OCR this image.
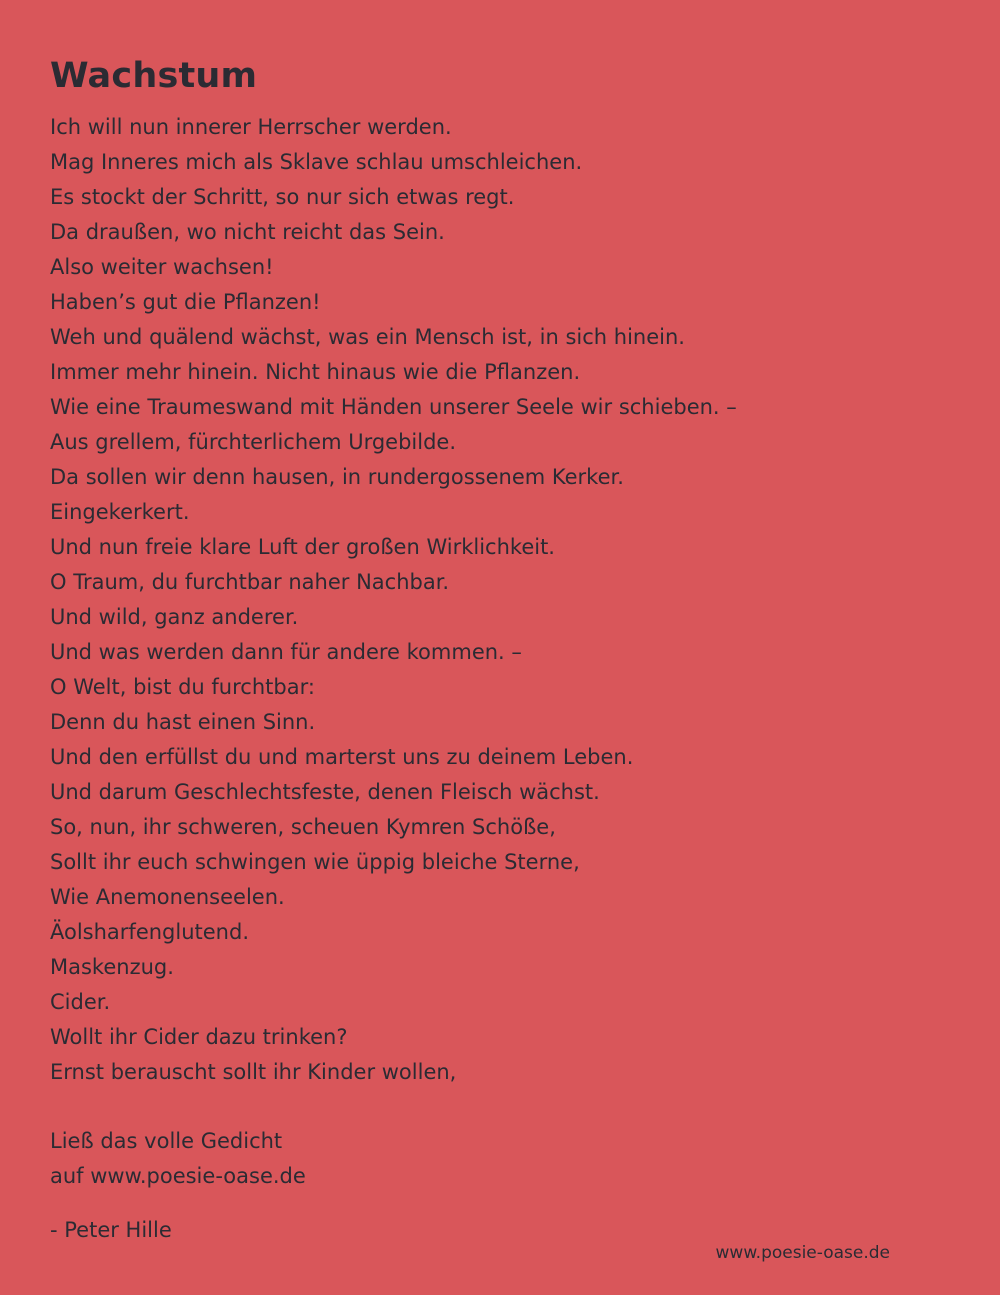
Wachstum
Ich will nun innerer Herrscher werden.
Mag Inneres mich als Sklave schlau umschleichen.
Es stockt der Schritt, so nur sich etwas regt.
Da draußen, wo nicht reicht das Sein.
Also weiter wachsen!
Haben’s gut die Pflanzen!
Weh und quälend wächst, was ein Mensch ist, in sich hinein.
Immer mehr hinein. Nicht hinaus wie die Pflanzen.
Wie eine Traumeswand mit Händen unserer Seele wir schieben. –
Aus grellem, fürchterlichem Urgebilde.
Da sollen wir denn hausen, in rundergossenem Kerker.
Eingekerkert.
Und nun freie klare Luft der großen Wirklichkeit.
O Traum, du furchtbar naher Nachbar.
Und wild, ganz anderer.
Und was werden dann für andere kommen. –
O Welt, bist du furchtbar:
Denn du hast einen Sinn.
Und den erfüllst du und marterst uns zu deinem Leben.
Und darum Geschlechtsfeste, denen Fleisch wächst.
So, nun, ihr schweren, scheuen Kymren Schöße,
Sollt ihr euch schwingen wie üppig bleiche Sterne,
Wie Anemonenseelen.
Äolsharfenglutend.
Maskenzug.
Cider.
Wollt ihr Cider dazu trinken?
Ernst berauscht sollt ihr Kinder wollen,
Ließ das volle Gedicht
auf www.poesie-oase.de
- Peter Hille
www.poesie-oase.de
